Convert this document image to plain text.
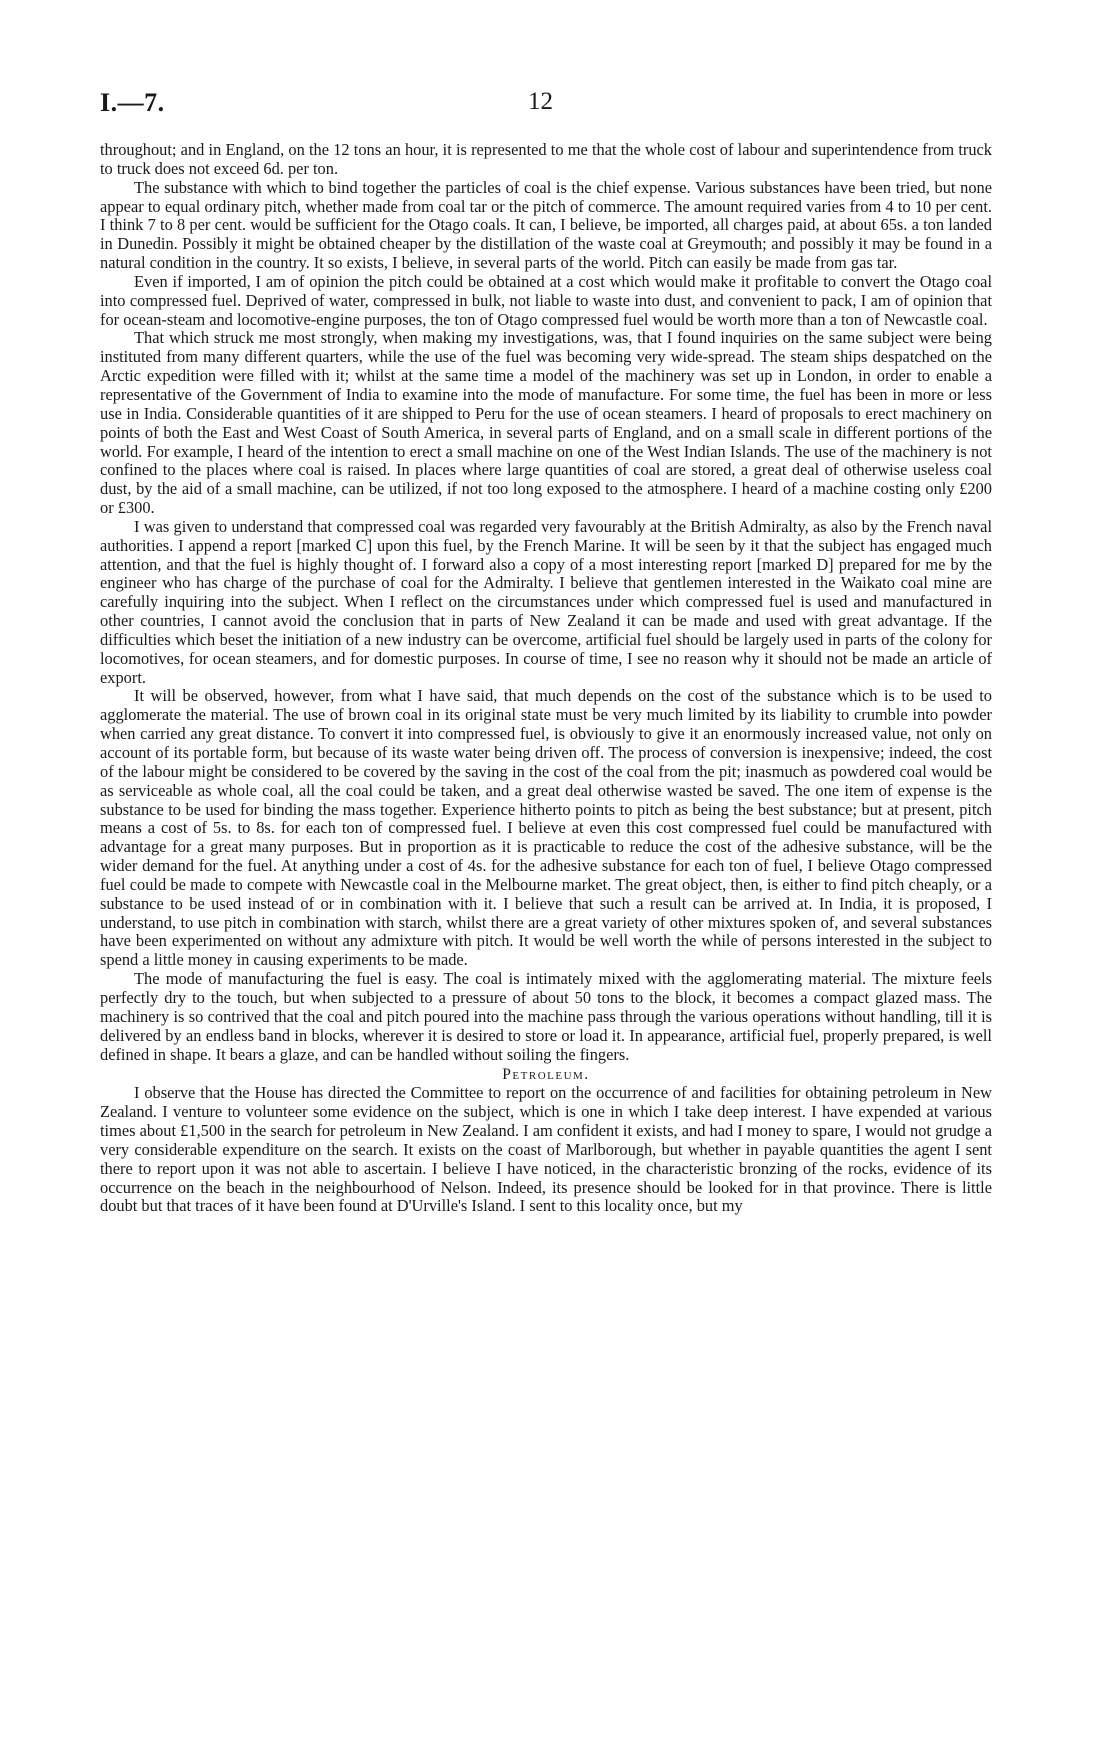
I.—7.	12

throughout; and in England, on the 12 tons an hour, it is represented to me that the whole cost of labour and superintendence from truck to truck does not exceed 6d. per ton.

The substance with which to bind together the particles of coal is the chief expense. Various substances have been tried, but none appear to equal ordinary pitch, whether made from coal tar or the pitch of commerce. The amount required varies from 4 to 10 per cent. I think 7 to 8 per cent. would be sufficient for the Otago coals. It can, I believe, be imported, all charges paid, at about 65s. a ton landed in Dunedin. Possibly it might be obtained cheaper by the distillation of the waste coal at Greymouth; and possibly it may be found in a natural condition in the country. It so exists, I believe, in several parts of the world. Pitch can easily be made from gas tar.

Even if imported, I am of opinion the pitch could be obtained at a cost which would make it profitable to convert the Otago coal into compressed fuel. Deprived of water, compressed in bulk, not liable to waste into dust, and convenient to pack, I am of opinion that for ocean-steam and locomotive-engine purposes, the ton of Otago compressed fuel would be worth more than a ton of Newcastle coal.

That which struck me most strongly, when making my investigations, was, that I found inquiries on the same subject were being instituted from many different quarters, while the use of the fuel was becoming very wide-spread. The steam ships despatched on the Arctic expedition were filled with it; whilst at the same time a model of the machinery was set up in London, in order to enable a representative of the Government of India to examine into the mode of manufacture. For some time, the fuel has been in more or less use in India. Considerable quantities of it are shipped to Peru for the use of ocean steamers. I heard of proposals to erect machinery on points of both the East and West Coast of South America, in several parts of England, and on a small scale in different portions of the world. For example, I heard of the intention to erect a small machine on one of the West Indian Islands. The use of the machinery is not confined to the places where coal is raised. In places where large quantities of coal are stored, a great deal of otherwise useless coal dust, by the aid of a small machine, can be utilized, if not too long exposed to the atmosphere. I heard of a machine costing only £200 or £300.

I was given to understand that compressed coal was regarded very favourably at the British Admiralty, as also by the French naval authorities. I append a report [marked C] upon this fuel, by the French Marine. It will be seen by it that the subject has engaged much attention, and that the fuel is highly thought of. I forward also a copy of a most interesting report [marked D] prepared for me by the engineer who has charge of the purchase of coal for the Admiralty. I believe that gentlemen interested in the Waikato coal mine are carefully inquiring into the subject. When I reflect on the circumstances under which compressed fuel is used and manufactured in other countries, I cannot avoid the conclusion that in parts of New Zealand it can be made and used with great advantage. If the difficulties which beset the initiation of a new industry can be overcome, artificial fuel should be largely used in parts of the colony for locomotives, for ocean steamers, and for domestic purposes. In course of time, I see no reason why it should not be made an article of export.

It will be observed, however, from what I have said, that much depends on the cost of the substance which is to be used to agglomerate the material. The use of brown coal in its original state must be very much limited by its liability to crumble into powder when carried any great distance. To convert it into compressed fuel, is obviously to give it an enormously increased value, not only on account of its portable form, but because of its waste water being driven off. The process of conversion is inexpensive; indeed, the cost of the labour might be considered to be covered by the saving in the cost of the coal from the pit; inasmuch as powdered coal would be as serviceable as whole coal, all the coal could be taken, and a great deal otherwise wasted be saved. The one item of expense is the substance to be used for binding the mass together. Experience hitherto points to pitch as being the best substance; but at present, pitch means a cost of 5s. to 8s. for each ton of compressed fuel. I believe at even this cost compressed fuel could be manufactured with advantage for a great many purposes. But in proportion as it is practicable to reduce the cost of the adhesive substance, will be the wider demand for the fuel. At anything under a cost of 4s. for the adhesive substance for each ton of fuel, I believe Otago compressed fuel could be made to compete with Newcastle coal in the Melbourne market. The great object, then, is either to find pitch cheaply, or a substance to be used instead of or in combination with it. I believe that such a result can be arrived at. In India, it is proposed, I understand, to use pitch in combination with starch, whilst there are a great variety of other mixtures spoken of, and several substances have been experimented on without any admixture with pitch. It would be well worth the while of persons interested in the subject to spend a little money in causing experiments to be made.

The mode of manufacturing the fuel is easy. The coal is intimately mixed with the agglomerating material. The mixture feels perfectly dry to the touch, but when subjected to a pressure of about 50 tons to the block, it becomes a compact glazed mass. The machinery is so contrived that the coal and pitch poured into the machine pass through the various operations without handling, till it is delivered by an endless band in blocks, wherever it is desired to store or load it. In appearance, artificial fuel, properly prepared, is well defined in shape. It bears a glaze, and can be handled without soiling the fingers.

Petroleum.

I observe that the House has directed the Committee to report on the occurrence of and facilities for obtaining petroleum in New Zealand. I venture to volunteer some evidence on the subject, which is one in which I take deep interest. I have expended at various times about £1,500 in the search for petroleum in New Zealand. I am confident it exists, and had I money to spare, I would not grudge a very considerable expenditure on the search. It exists on the coast of Marlborough, but whether in payable quantities the agent I sent there to report upon it was not able to ascertain. I believe I have noticed, in the characteristic bronzing of the rocks, evidence of its occurrence on the beach in the neighbourhood of Nelson. Indeed, its presence should be looked for in that province. There is little doubt but that traces of it have been found at D'Urville's Island. I sent to this locality once, but my
